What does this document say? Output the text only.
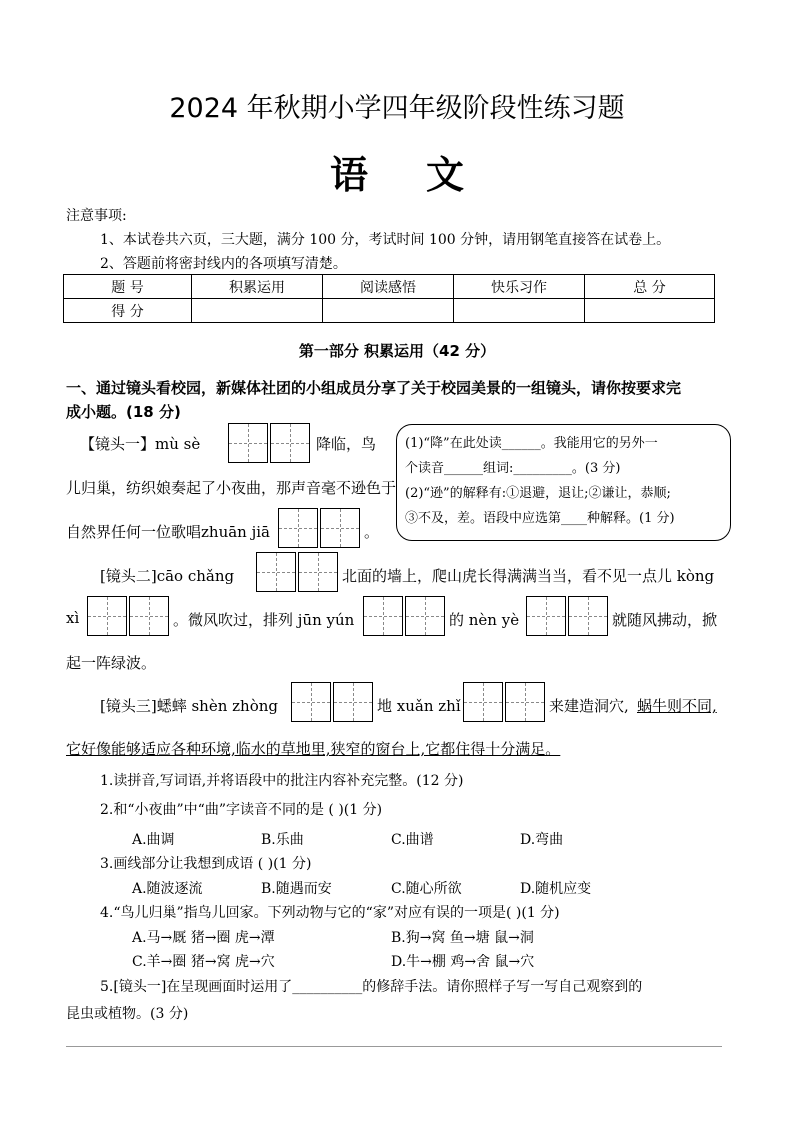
2024 年秋期小学四年级阶段性练习题
语文
注意事项:
1、本试卷共六页，三大题，满分 100 分，考试时间 100 分钟，请用钢笔直接答在试卷上。
2、答题前将密封线内的各项填写清楚。
题 号	积累运用	阅读感悟	快乐习作	总 分
得 分				
第一部分 积累运用（42 分）
一、通过镜头看校园，新媒体社团的小组成员分享了关于校园美景的一组镜头，请你按要求完
成小题。(18 分)
【镜头一】mù sè	降临，鸟
儿归巢，纺织娘奏起了小夜曲，那声音毫不逊色于
自然界任何一位歌唱zhuān jiā	。
(1)“降”在此处读______。我能用它的另外一
个读音______组词:_________。(3 分)
(2)“逊”的解释有:①退避，退让;②谦让，恭顺;
③不及，差。语段中应选第____种解释。(1 分)
[镜头二]cāo chǎng	北面的墙上，爬山虎长得满满当当，看不见一点儿 kòng
xì	。微风吹过，排列 jūn yún	的 nèn yè	就随风拂动，掀
起一阵绿波。
[镜头三]蟋蟀 shèn zhòng	地 xuǎn zhǐ	来建造洞穴, 蜗牛则不同,
它好像能够适应各种环境,临水的草地里,狭窄的窗台上,它都住得十分满足。
1.读拼音,写词语,并将语段中的批注内容补充完整。(12 分)
2.和“小夜曲”中“曲”字读音不同的是 ( )(1 分)
A.曲调	B.乐曲	C.曲谱	D.弯曲
3.画线部分让我想到成语 ( )(1 分)
A.随波逐流	B.随遇而安	C.随心所欲	D.随机应变
4.“鸟儿归巢”指鸟儿回家。下列动物与它的“家”对应有误的一项是( )(1 分)
A.马→厩 猪→圈 虎→潭	B.狗→窝 鱼→塘 鼠→洞
C.羊→圈 猪→窝 虎→穴	D.牛→棚 鸡→舍 鼠→穴
5.[镜头一]在呈现画面时运用了__________的修辞手法。请你照样子写一写自己观察到的
昆虫或植物。(3 分)
